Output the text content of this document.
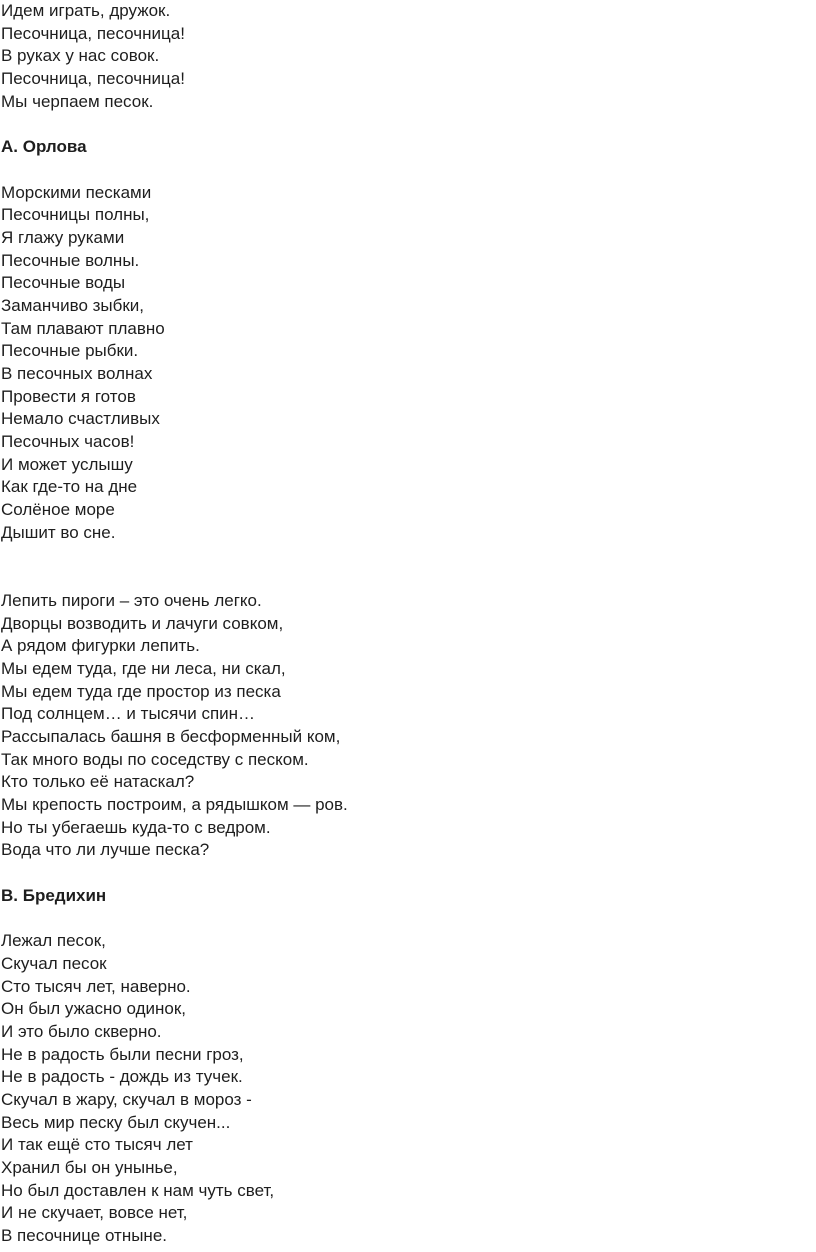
Идем играть, дружок.
Песочница, песочница!
В руках у нас совок.
Песочница, песочница!
Мы черпаем песок.
А. Орлова
Морскими песками
Песочницы полны,
Я глажу руками
Песочные волны.
Песочные воды
Заманчиво зыбки,
Там плавают плавно
Песочные рыбки.
В песочных волнах
Провести я готов
Немало счастливых
Песочных часов!
И может услышу
Как где-то на дне
Солёное море
Дышит во сне.
Лепить пироги – это очень легко.
Дворцы возводить и лачуги совком,
А рядом фигурки лепить.
Мы едем туда, где ни леса, ни скал,
Мы едем туда где простор из песка
Под солнцем… и тысячи спин…
Рассыпалась башня в бесформенный ком,
Так много воды по соседству с песком.
Кто только её натаскал?
Мы крепость построим, а рядышком — ров.
Но ты убегаешь куда-то с ведром.
Вода что ли лучше песка?
В. Бредихин
Лежал песок,
Скучал песок
Сто тысяч лет, наверно.
Он был ужасно одинок,
И это было скверно.
Не в радость были песни гроз,
Не в радость - дождь из тучек.
Скучал в жару, скучал в мороз -
Весь мир песку был скучен...
И так ещё сто тысяч лет
Хранил бы он унынье,
Но был доставлен к нам чуть свет,
И не скучает, вовсе нет,
В песочнице отныне.
